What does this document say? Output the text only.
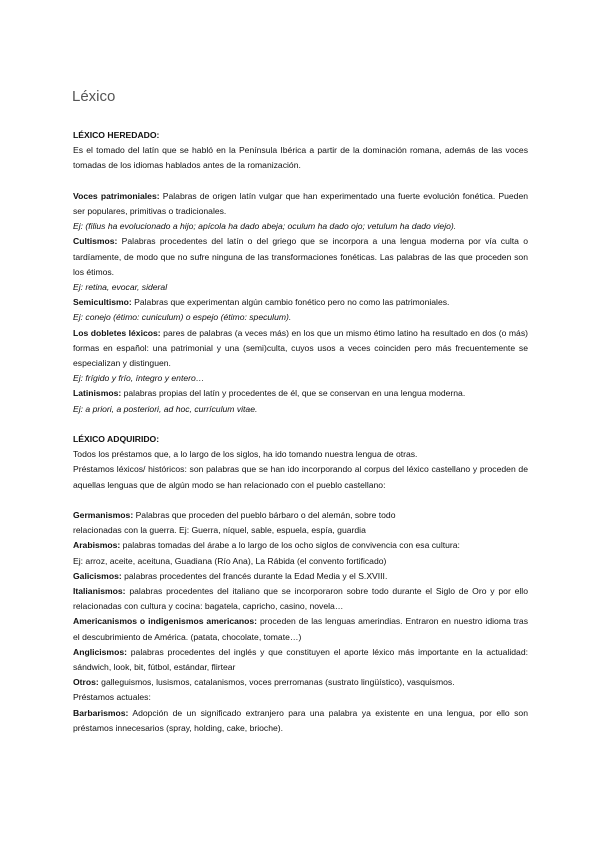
Léxico

LÉXICO HEREDADO:

Es el tomado del latín que se habló en la Península Ibérica a partir de la dominación romana, además de las voces tomadas de los idiomas hablados antes de la romanización.

Voces patrimoniales: Palabras de origen latín vulgar que han experimentado una fuerte evolución fonética. Pueden ser populares, primitivas o tradicionales.

Ej: (filius ha evolucionado a hijo; apícola ha dado abeja; oculum ha dado ojo; vetulum ha dado viejo).

Cultismos: Palabras procedentes del latín o del griego que se incorpora a una lengua moderna por vía culta o tardíamente, de modo que no sufre ninguna de las transformaciones fonéticas. Las palabras de las que proceden son los étimos.

Ej: retina, evocar, sideral

Semicultismo: Palabras que experimentan algún cambio fonético pero no como las patrimoniales.

Ej: conejo (étimo: cuniculum) o espejo (étimo: speculum).

Los dobletes léxicos: pares de palabras (a veces más) en los que un mismo étimo latino ha resultado en dos (o más) formas en español: una patrimonial y una (semi)culta, cuyos usos a veces coinciden pero más frecuentemente se especializan y distinguen.

Ej: frígido y frío, íntegro y entero…

Latinismos: palabras propias del latín y procedentes de él, que se conservan en una lengua moderna.

Ej: a priori, a posteriori, ad hoc, currículum vitae.

LÉXICO ADQUIRIDO:

Todos los préstamos que, a lo largo de los siglos, ha ido tomando nuestra lengua de otras.

Préstamos léxicos/ históricos: son palabras que se han ido incorporando al corpus del léxico castellano y proceden de aquellas lenguas que de algún modo se han relacionado con el pueblo castellano:

Germanismos: Palabras que proceden del pueblo bárbaro o del alemán, sobre todo

relacionadas con la guerra. Ej: Guerra, níquel, sable, espuela, espía, guardia

Arabismos: palabras tomadas del árabe a lo largo de los ocho siglos de convivencia con esa cultura:

Ej: arroz, aceite, aceituna, Guadiana (Río Ana), La Rábida (el convento fortificado)

Galicismos: palabras procedentes del francés durante la Edad Media y el S.XVIII.

Italianismos: palabras procedentes del italiano que se incorporaron sobre todo durante el Siglo de Oro y por ello relacionadas con cultura y cocina: bagatela, capricho, casino, novela…

Americanismos o indigenismos americanos: proceden de las lenguas amerindias. Entraron en nuestro idioma tras el descubrimiento de América. (patata, chocolate, tomate…)

Anglicismos: palabras procedentes del inglés y que constituyen el aporte léxico más importante en la actualidad: sándwich, look, bit, fútbol, estándar, flirtear

Otros: galleguismos, lusismos, catalanismos, voces prerromanas (sustrato lingüístico), vasquismos.

Préstamos actuales:

Barbarismos: Adopción de un significado extranjero para una palabra ya existente en una lengua, por ello son préstamos innecesarios (spray, holding, cake, brioche).
